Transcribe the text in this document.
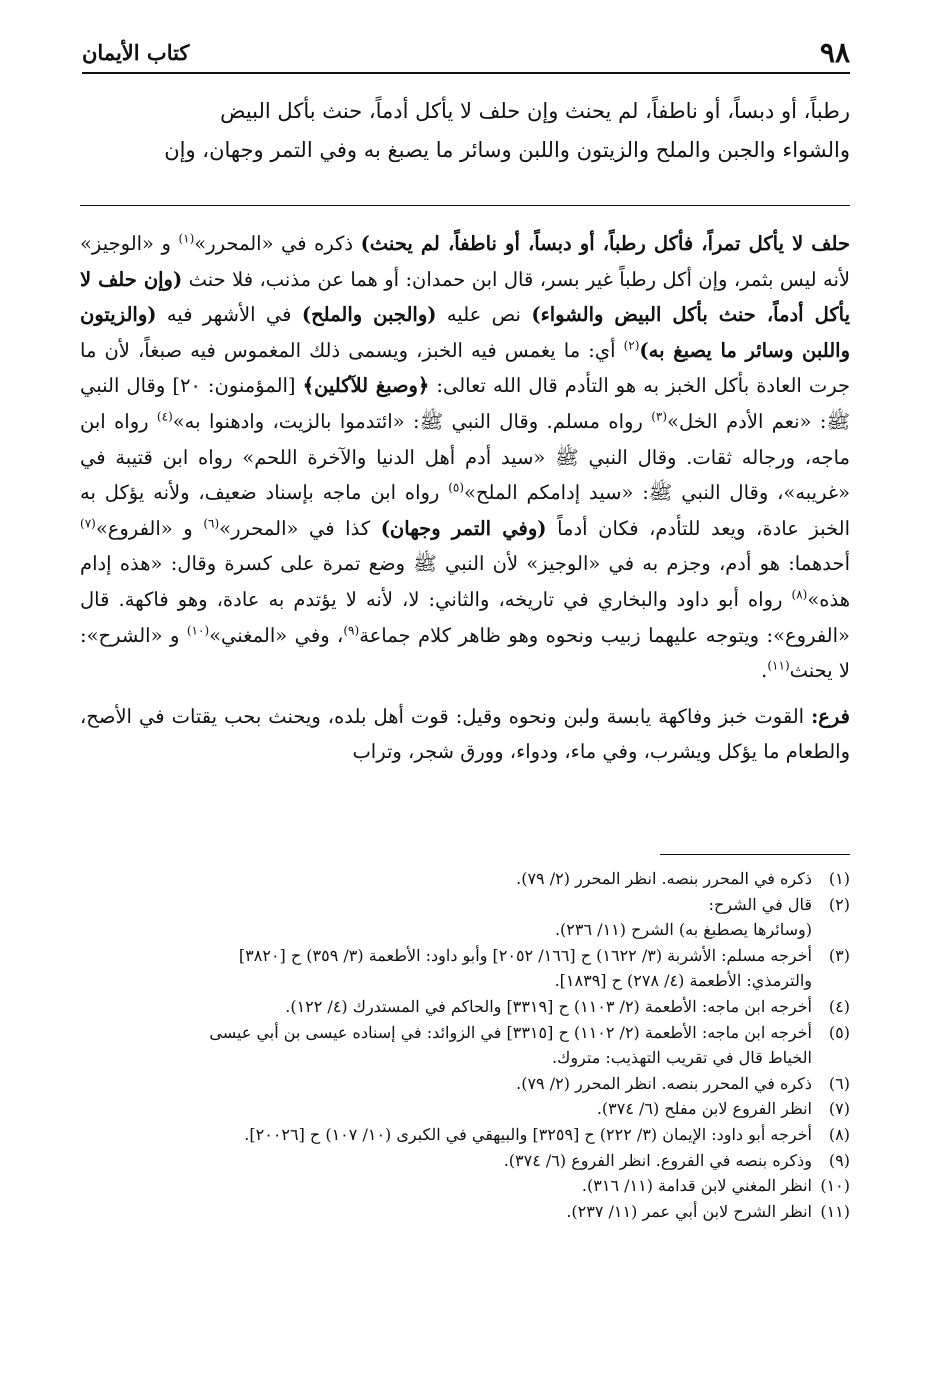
٩٨
كتاب الأيمان

رطباً، أو دبساً، أو ناطفاً، لم يحنث وإن حلف لا يأكل أدماً، حنث بأكل البيض

والشواء والجبن والملح والزيتون واللبن وسائر ما يصبغ به وفي التمر وجهان، وإن

حلف لا يأكل تمراً، فأكل رطباً، أو دبساً، أو ناطفاً، لم يحنث) ذكره في «المحرر»$^{(١)}$ و «الوجيز» لأنه ليس بثمر، وإن أكل رطباً غير بسر، قال ابن حمدان: أو هما عن مذنب، فلا حنث (وإن حلف لا يأكل أدماً، حنث بأكل البيض والشواء) نص عليه (والجبن والملح) في الأشهر فيه (والزيتون واللبن وسائر ما يصبغ به)$^{(٢)}$ أي: ما يغمس فيه الخبز، ويسمى ذلك المغموس فيه صبغاً، لأن ما جرت العادة بأكل الخبز به هو التأدم قال الله تعالى: ﴿وصبغ للآكلين﴾ [المؤمنون: ٢٠] وقال النبي ﷺ: «نعم الأدم الخل»$^{(٣)}$ رواه مسلم. وقال النبي ﷺ: «ائتدموا بالزيت، وادهنوا به»$^{(٤)}$ رواه ابن ماجه، ورجاله ثقات. وقال النبي ﷺ «سيد أدم أهل الدنيا والآخرة اللحم» رواه ابن قتيبة في «غريبه»، وقال النبي ﷺ: «سيد إدامكم الملح»$^{(٥)}$ رواه ابن ماجه بإسناد ضعيف، ولأنه يؤكل به الخبز عادة، ويعد للتأدم، فكان أدماً (وفي التمر وجهان) كذا في «المحرر»$^{(٦)}$ و «الفروع»$^{(٧)}$ أحدهما: هو أدم، وجزم به في «الوجيز» لأن النبي ﷺ وضع تمرة على كسرة وقال: «هذه إدام هذه»$^{(٨)}$ رواه أبو داود والبخاري في تاريخه، والثاني: لا، لأنه لا يؤتدم به عادة، وهو فاكهة. قال «الفروع»: ويتوجه عليهما زبيب ونحوه وهو ظاهر كلام جماعة$^{(٩)}$، وفي «المغني»$^{(١٠)}$ و «الشرح»: لا يحنث$^{(١١)}$.

فرع: القوت خبز وفاكهة يابسة ولبن ونحوه وقيل: قوت أهل بلده، ويحنث بحب يقتات في الأصح، والطعام ما يؤكل ويشرب، وفي ماء، ودواء، وورق شجر، وتراب

(١)
ذكره في المحرر بنصه. انظر المحرر (٢/ ٧٩).
(٢)
قال في الشرح:
(وسائرها يصطبغ به) الشرح (١١/ ٢٣٦).
(٣)
أخرجه مسلم: الأشربة (٣/ ١٦٢٢) ح [١٦٦/ ٢٠٥٢] وأبو داود: الأطعمة (٣/ ٣٥٩) ح [٣٨٢٠]
والترمذي: الأطعمة (٤/ ٢٧٨) ح [١٨٣٩].
(٤)
أخرجه ابن ماجه: الأطعمة (٢/ ١١٠٣) ح [٣٣١٩] والحاكم في المستدرك (٤/ ١٢٢).
(٥)
أخرجه ابن ماجه: الأطعمة (٢/ ١١٠٢) ح [٣٣١٥] في الزوائد: في إسناده عيسى بن أبي عيسى
الخياط قال في تقريب التهذيب: متروك.
(٦)
ذكره في المحرر بنصه. انظر المحرر (٢/ ٧٩).
(٧)
انظر الفروع لابن مفلح (٦/ ٣٧٤).
(٨)
أخرجه أبو داود: الإيمان (٣/ ٢٢٢) ح [٣٢٥٩] والبيهقي في الكبرى (١٠/ ١٠٧) ح [٢٠٠٢٦].
(٩)
وذكره بنصه في الفروع. انظر الفروع (٦/ ٣٧٤).
(١٠)
انظر المغني لابن قدامة (١١/ ٣١٦).
(١١)
انظر الشرح لابن أبي عمر (١١/ ٢٣٧).
